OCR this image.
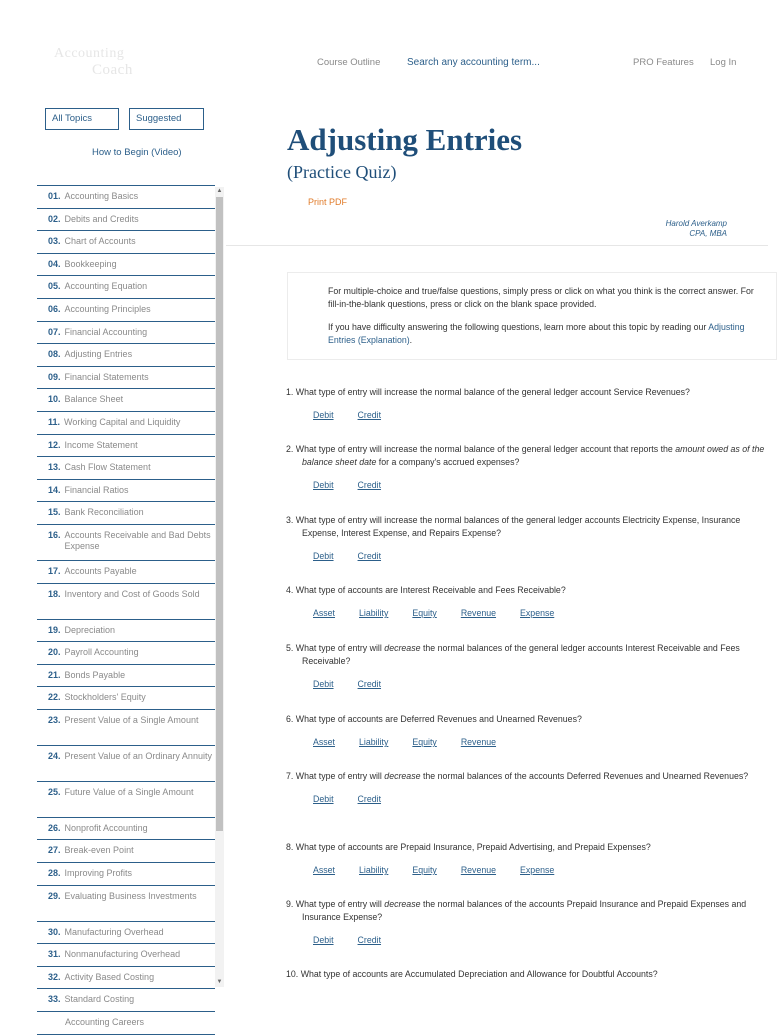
Accounting
Coach	Course Outline	Search any accounting term...	PRO Features Log In
All Topics	Suggested
How to Begin (Video)
01 . Accounting Basics
02 . Debits and Credits
03 . Chart of Accounts
04 . Bookkeeping
05 . Accounting Equation
06 . Accounting Principles
07 . Financial Accounting
08 . Adjusting Entries
09 . Financial Statements
10 . Balance Sheet
11 . Working Capital and Liquidity
12 . Income Statement
13 . Cash Flow Statement
14 . Financial Ratios
15 . Bank Reconciliation
16 . Accounts Receivable and Bad Debts Expense
17 . Accounts Payable
18 . Inventory and Cost of Goods Sold
19 . Depreciation
20 . Payroll Accounting
21 . Bonds Payable
22 . Stockholders' Equity
23 . Present Value of a Single Amount
24 . Present Value of an Ordinary Annuity
25 . Future Value of a Single Amount
26 . Nonprofit Accounting
27 . Break-even Point
28 . Improving Profits
29 . Evaluating Business Investments
30 . Manufacturing Overhead
31 . Nonmanufacturing Overhead
32 . Activity Based Costing
33 . Standard Costing
Accounting Careers
▲
▼
Adjusting Entries
(Practice Quiz)
Print PDF
Harold Averkamp
CPA, MBA

For multiple-choice and true/false questions, simply press or click on what you think is the correct answer. For fill-in-the-blank questions, press or click on the blank space provided.

If you have difficulty answering the following questions, learn more about this topic by reading our Adjusting Entries (Explanation).

1. What type of entry will increase the normal balance of the general ledger account Service Revenues?
Debit	Credit
2. What type of entry will increase the normal balance of the general ledger account that reports the amount owed as of the balance sheet date for a company's accrued expenses?
Debit	Credit
3. What type of entry will increase the normal balances of the general ledger accounts Electricity Expense, Insurance Expense, Interest Expense, and Repairs Expense?
Debit	Credit
4. What type of accounts are Interest Receivable and Fees Receivable?
Asset	Liability	Equity	Revenue	Expense
5. What type of entry will decrease the normal balances of the general ledger accounts Interest Receivable and Fees Receivable?
Debit	Credit
6. What type of accounts are Deferred Revenues and Unearned Revenues?
Asset	Liability	Equity	Revenue
7. What type of entry will decrease the normal balances of the accounts Deferred Revenues and Unearned Revenues?
Debit	Credit
8. What type of accounts are Prepaid Insurance, Prepaid Advertising, and Prepaid Expenses?
Asset	Liability	Equity	Revenue	Expense
9. What type of entry will decrease the normal balances of the accounts Prepaid Insurance and Prepaid Expenses and Insurance Expense?
Debit	Credit
10. What type of accounts are Accumulated Depreciation and Allowance for Doubtful Accounts?
